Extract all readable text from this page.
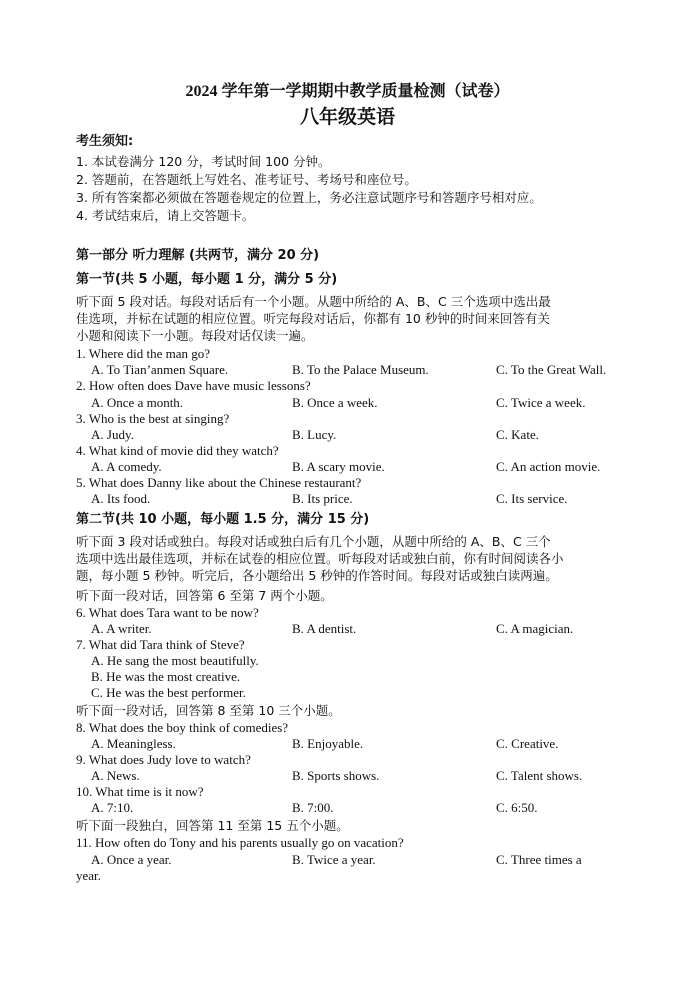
2024 学年第一学期期中教学质量检测（试卷）
八年级英语
考生须知:
1. 本试卷满分 120 分，考试时间 100 分钟。
2. 答题前，在答题纸上写姓名、准考证号、考场号和座位号。
3. 所有答案都必须做在答题卷规定的位置上，务必注意试题序号和答题序号相对应。
4. 考试结束后，请上交答题卡。
第一部分 听力理解 (共两节，满分 20 分)
第一节(共 5 小题，每小题 1 分，满分 5 分)
听下面 5 段对话。每段对话后有一个小题。从题中所给的 A、B、C 三个选项中选出最
佳选项，并标在试题的相应位置。听完每段对话后，你都有 10 秒钟的时间来回答有关
小题和阅读下一小题。每段对话仅读一遍。
1. Where did the man go?
A. To Tian’anmen Square.	B. To the Palace Museum.	C. To the Great Wall.
2. How often does Dave have music lessons?
A. Once a month.	B. Once a week.	C. Twice a week.
3. Who is the best at singing?
A. Judy.	B. Lucy.	C. Kate.
4. What kind of movie did they watch?
A. A comedy.	B. A scary movie.	C. An action movie.
5. What does Danny like about the Chinese restaurant?
A. Its food.	B. Its price.	C. Its service.
第二节(共 10 小题，每小题 1.5 分，满分 15 分)
听下面 3 段对话或独白。每段对话或独白后有几个小题，从题中所给的 A、B、C 三个
选项中选出最佳选项，并标在试卷的相应位置。听每段对话或独白前，你有时间阅读各小
题，每小题 5 秒钟。听完后，各小题给出 5 秒钟的作答时间。每段对话或独白读两遍。
听下面一段对话，回答第 6 至第 7 两个小题。
6. What does Tara want to be now?
A. A writer.	B. A dentist.	C. A magician.
7. What did Tara think of Steve?
A. He sang the most beautifully.
B. He was the most creative.
C. He was the best performer.
听下面一段对话，回答第 8 至第 10 三个小题。
8. What does the boy think of comedies?
A. Meaningless.	B. Enjoyable.	C. Creative.
9. What does Judy love to watch?
A. News.	B. Sports shows.	C. Talent shows.
10. What time is it now?
A. 7:10.	B. 7:00.	C. 6:50.
听下面一段独白，回答第 11 至第 15 五个小题。
11. How often do Tony and his parents usually go on vacation?
A. Once a year.	B. Twice a year.	C. Three times a
year.
